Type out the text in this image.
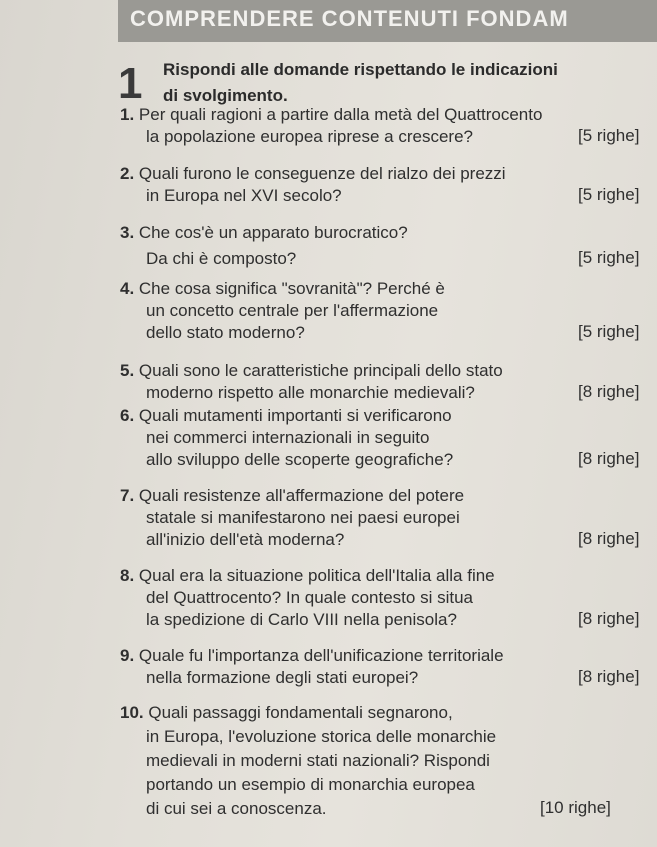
COMPRENDERE CONTENUTI FONDAM
1 Rispondi alle domande rispettando le indicazioni
di svolgimento.
1. Per quali ragioni a partire dalla metà del Quattrocento
la popolazione europea riprese a crescere?	[5 righe]
2. Quali furono le conseguenze del rialzo dei prezzi
in Europa nel XVI secolo?	[5 righe]
3. Che cos'è un apparato burocratico?
Da chi è composto?	[5 righe]
4. Che cosa significa "sovranità"? Perché è
un concetto centrale per l'affermazione
dello stato moderno?	[5 righe]
5. Quali sono le caratteristiche principali dello stato
moderno rispetto alle monarchie medievali?	[8 righe]
6. Quali mutamenti importanti si verificarono
nei commerci internazionali in seguito
allo sviluppo delle scoperte geografiche?	[8 righe]
7. Quali resistenze all'affermazione del potere
statale si manifestarono nei paesi europei
all'inizio dell'età moderna?	[8 righe]
8. Qual era la situazione politica dell'Italia alla fine
del Quattrocento? In quale contesto si situa
la spedizione di Carlo VIII nella penisola?	[8 righe]
9. Quale fu l'importanza dell'unificazione territoriale
nella formazione degli stati europei?	[8 righe]
10. Quali passaggi fondamentali segnarono,
in Europa, l'evoluzione storica delle monarchie
medievali in moderni stati nazionali? Rispondi
portando un esempio di monarchia europea
di cui sei a conoscenza.	[10 righe]
